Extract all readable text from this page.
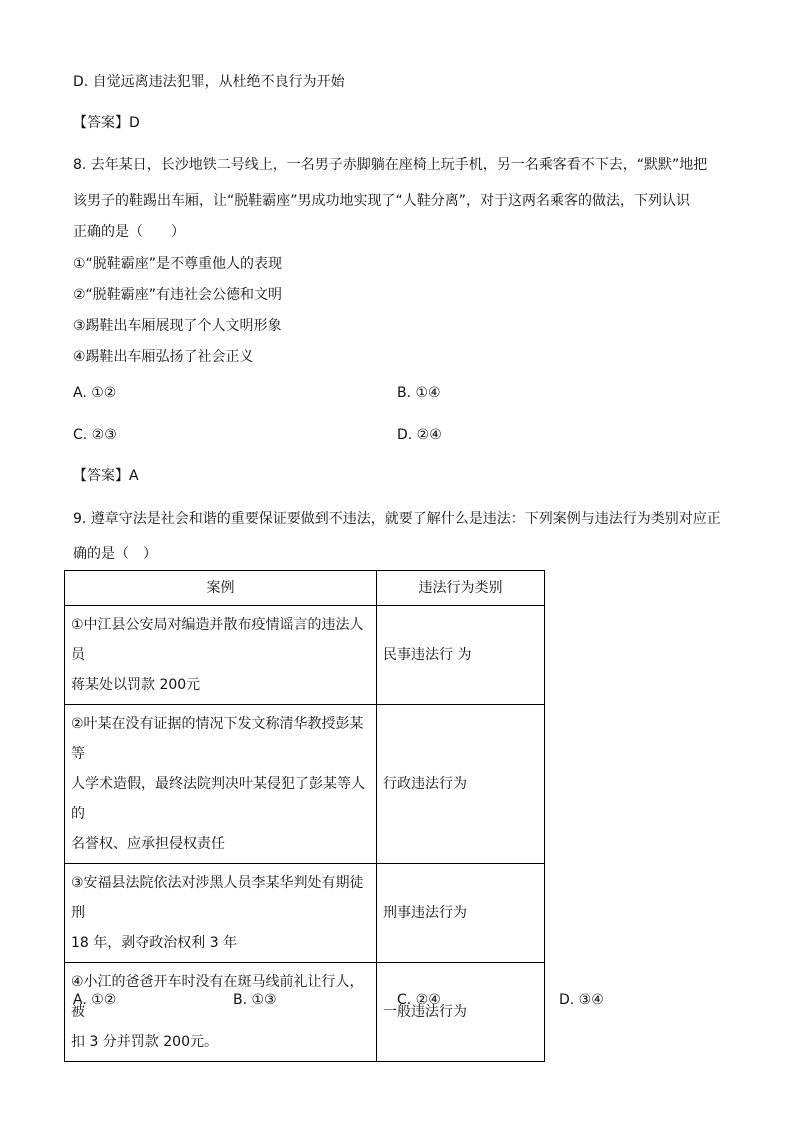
D. 自觉远离违法犯罪，从杜绝不良行为开始
【答案】D
8. 去年某日，长沙地铁二号线上，一名男子赤脚躺在座椅上玩手机，另一名乘客看不下去，“默默”地把
该男子的鞋踢出车厢，让“脱鞋霸座”男成功地实现了“人鞋分离”，对于这两名乘客的做法，下列认识
正确的是（　　）
①“脱鞋霸座”是不尊重他人的表现
②“脱鞋霸座”有违社会公德和文明
③踢鞋出车厢展现了个人文明形象
④踢鞋出车厢弘扬了社会正义
A. ①②	B. ①④
C. ②③	D. ②④
【答案】A
9. 遵章守法是社会和谐的重要保证要做到不违法，就要了解什么是违法：下列案例与违法行为类别对应正
确的是（　）
案例	违法行为类别

①中江县公安局对编造并散布疫情谣言的违法人员
蒋某处以罚款 200元	民事违法行 为

②叶某在没有证据的情况下发文称清华教授彭某等
人学术造假，最终法院判决叶某侵犯了彭某等人的
名誉权、应承担侵权责任	行政违法行为

③安福县法院依法对涉黑人员李某华判处有期徒刑
18 年，剥夺政治权利 3 年	刑事违法行为

④小江的爸爸开车时没有在斑马线前礼让行人，被
扣 3 分并罚款 200元。	一般违法行为
A. ①②	B. ①③	C. ②④	D. ③④
